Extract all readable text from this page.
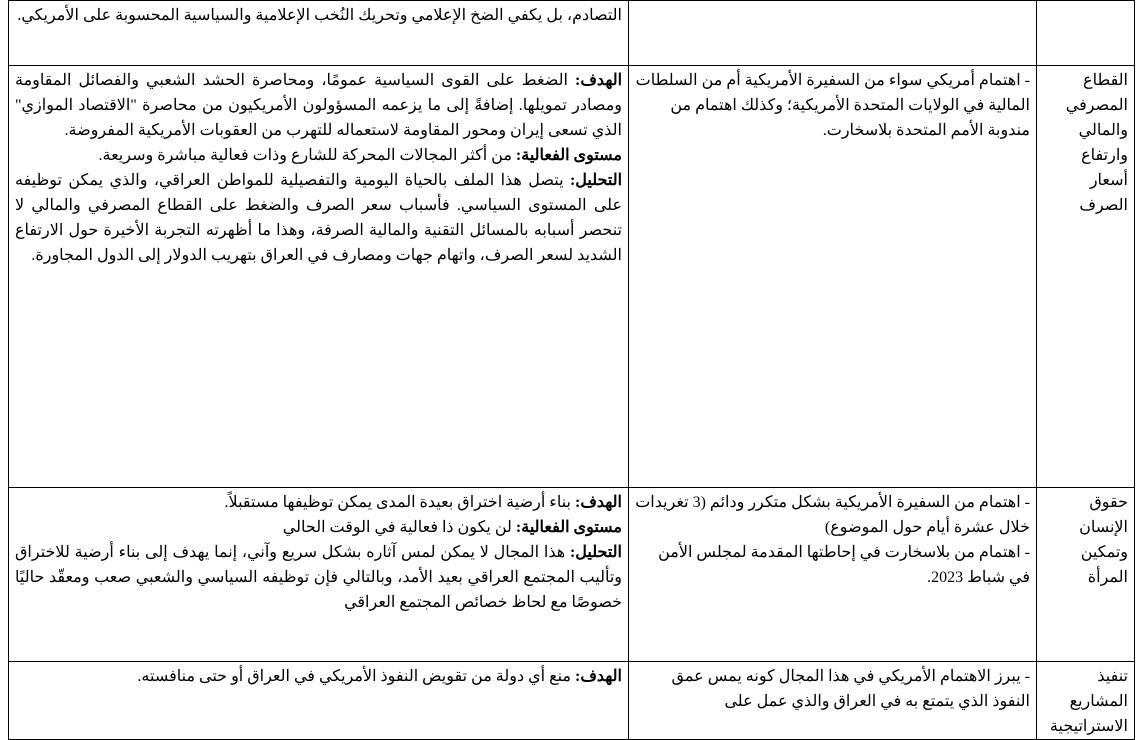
		التصادم، بل يكفي الضخ الإعلامي وتحريك النُخب الإعلامية والسياسية المحسوبة على الأمريكي.
القطاع المصرفي والمالي وارتفاع أسعار الصرف	- اهتمام أمريكي سواء من السفيرة الأمريكية أم من السلطات المالية في الولايات المتحدة الأمريكية؛ وكذلك اهتمام من مندوبة الأمم المتحدة بلاسخارت.	الهدف: الضغط على القوى السياسية عمومًا، ومحاصرة الحشد الشعبي والفصائل المقاومة ومصادر تمويلها. إضافةً إلى ما يزعمه المسؤولون الأمريكيون من محاصرة "الاقتصاد الموازي" الذي تسعى إيران ومحور المقاومة لاستعماله للتهرب من العقوبات الأمريكية المفروضة.
مستوى الفعالية: من أكثر المجالات المحركة للشارع وذات فعالية مباشرة وسريعة.
التحليل: يتصل هذا الملف بالحياة اليومية والتفصيلية للمواطن العراقي، والذي يمكن توظيفه على المستوى السياسي. فأسباب سعر الصرف والضغط على القطاع المصرفي والمالي لا تنحصر أسبابه بالمسائل التقنية والمالية الصرفة، وهذا ما أظهرته التجربة الأخيرة حول الارتفاع الشديد لسعر الصرف، واتهام جهات ومصارف في العراق بتهريب الدولار إلى الدول المجاورة.

حقوق الإنسان وتمكين المرأة	- اهتمام من السفيرة الأمريكية بشكل متكرر ودائم (3 تغريدات خلال عشرة أيام حول الموضوع)
- اهتمام من بلاسخارت في إحاطتها المقدمة لمجلس الأمن في شباط 2023.	الهدف: بناء أرضية اختراق بعيدة المدى يمكن توظيفها مستقبلاً.
مستوى الفعالية: لن يكون ذا فعالية في الوقت الحالي
التحليل: هذا المجال لا يمكن لمس آثاره بشكل سريع وآني، إنما يهدف إلى بناء أرضية للاختراق وتأليب المجتمع العراقي بعيد الأمد، وبالتالي فإن توظيفه السياسي والشعبي صعب ومعقّد حاليًا خصوصًا مع لحاظ خصائص المجتمع العراقي

تنفيذ المشاريع الاستراتيجية	- يبرز الاهتمام الأمريكي في هذا المجال كونه يمس عمق النفوذ الذي يتمتع به في العراق والذي عمل على	الهدف: منع أي دولة من تقويض النفوذ الأمريكي في العراق أو حتى منافسته.
